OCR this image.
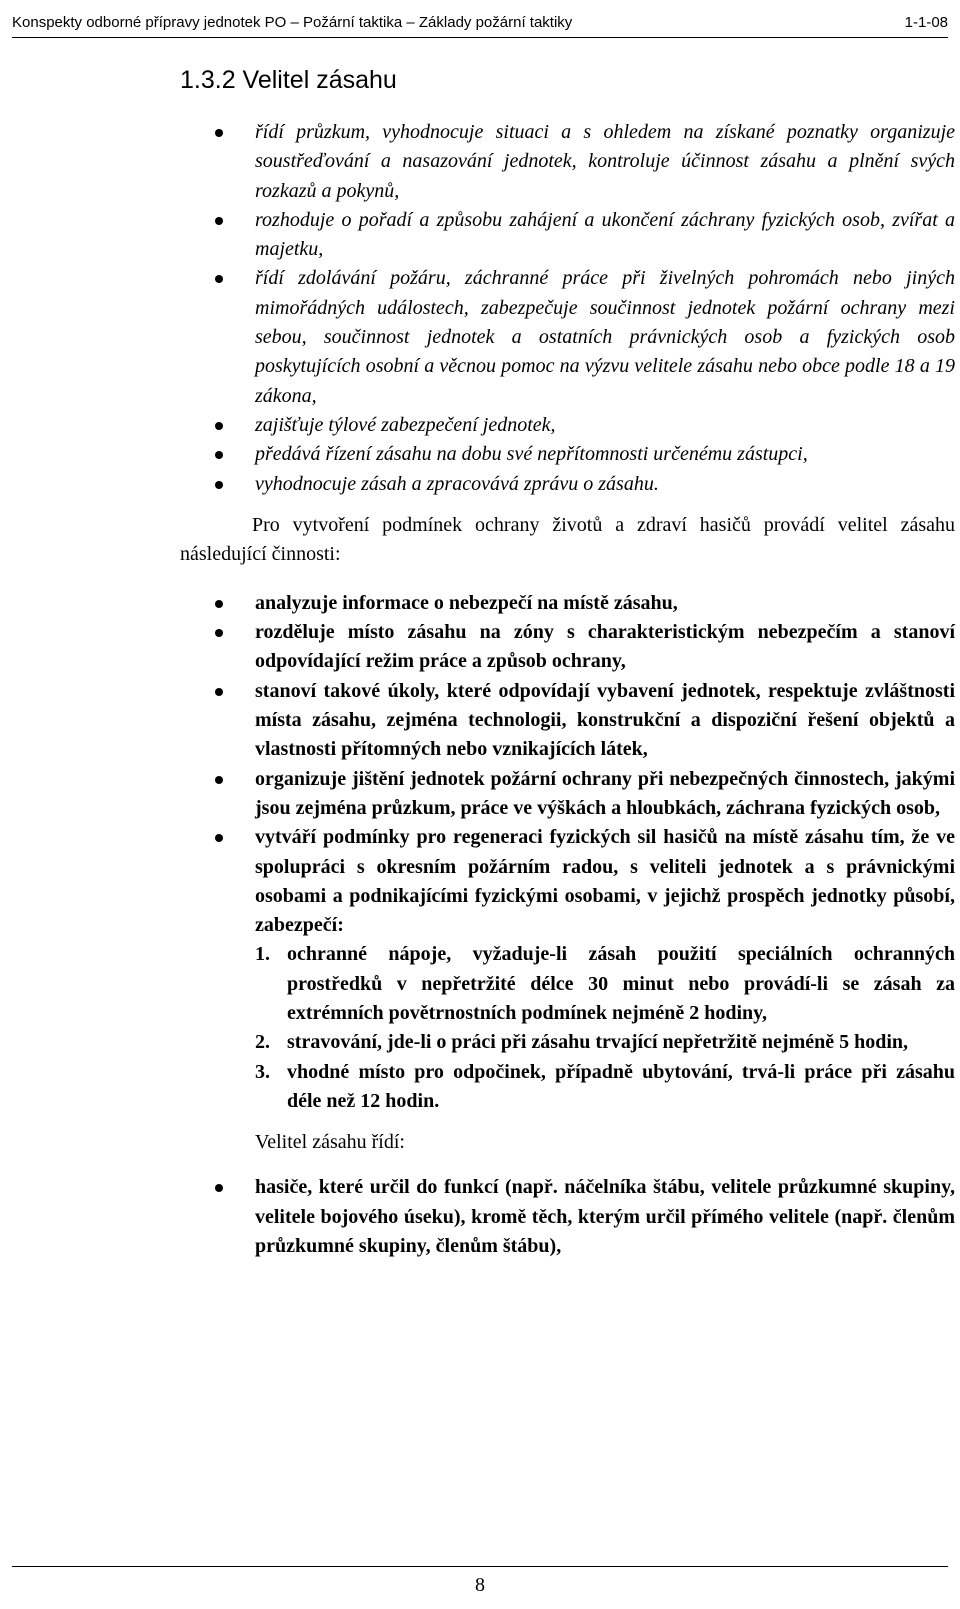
Konspekty odborné přípravy jednotek PO – Požární taktika – Základy požární taktiky	1-1-08
1.3.2 Velitel zásahu
řídí průzkum, vyhodnocuje situaci a s ohledem na získané poznatky organizuje soustřeďování a nasazování jednotek, kontroluje účinnost zásahu a plnění svých rozkazů a pokynů,
rozhoduje o pořadí a způsobu zahájení a ukončení záchrany fyzických osob, zvířat a majetku,
řídí zdolávání požáru, záchranné práce při živelných pohromách nebo jiných mimořádných událostech, zabezpečuje součinnost jednotek požární ochrany mezi sebou, součinnost jednotek a ostatních právnických osob a fyzických osob poskytujících osobní a věcnou pomoc na výzvu velitele zásahu nebo obce podle 18 a 19 zákona,
zajišťuje týlové zabezpečení jednotek,
předává řízení zásahu na dobu své nepřítomnosti určenému zástupci,
vyhodnocuje zásah a zpracovává zprávu o zásahu.

Pro vytvoření podmínek ochrany životů a zdraví hasičů provádí velitel zásahu následující činnosti:

analyzuje informace o nebezpečí na místě zásahu,
rozděluje místo zásahu na zóny s charakteristickým nebezpečím a stanoví odpovídající režim práce a způsob ochrany,
stanoví takové úkoly, které odpovídají vybavení jednotek, respektuje zvláštnosti místa zásahu, zejména technologii, konstrukční a dispoziční řešení objektů a vlastnosti přítomných nebo vznikajících látek,
organizuje jištění jednotek požární ochrany při nebezpečných činnostech, jakými jsou zejména průzkum, práce ve výškách a hloubkách, záchrana fyzických osob,
vytváří podmínky pro regeneraci fyzických sil hasičů na místě zásahu tím, že ve spolupráci s okresním požárním radou, s veliteli jednotek a s právnickými osobami a podnikajícími fyzickými osobami, v jejichž prospěch jednotky působí, zabezpečí:
1. ochranné nápoje, vyžaduje-li zásah použití speciálních ochranných prostředků v nepřetržité délce 30 minut nebo provádí-li se zásah za extrémních povětrnostních podmínek nejméně 2 hodiny,
2. stravování, jde-li o práci při zásahu trvající nepřetržitě nejméně 5 hodin,
3. vhodné místo pro odpočinek, případně ubytování, trvá-li práce při zásahu déle než 12 hodin.

Velitel zásahu řídí:

hasiče, které určil do funkcí (např. náčelníka štábu, velitele průzkumné skupiny, velitele bojového úseku), kromě těch, kterým určil přímého velitele (např. členům průzkumné skupiny, členům štábu),
8
